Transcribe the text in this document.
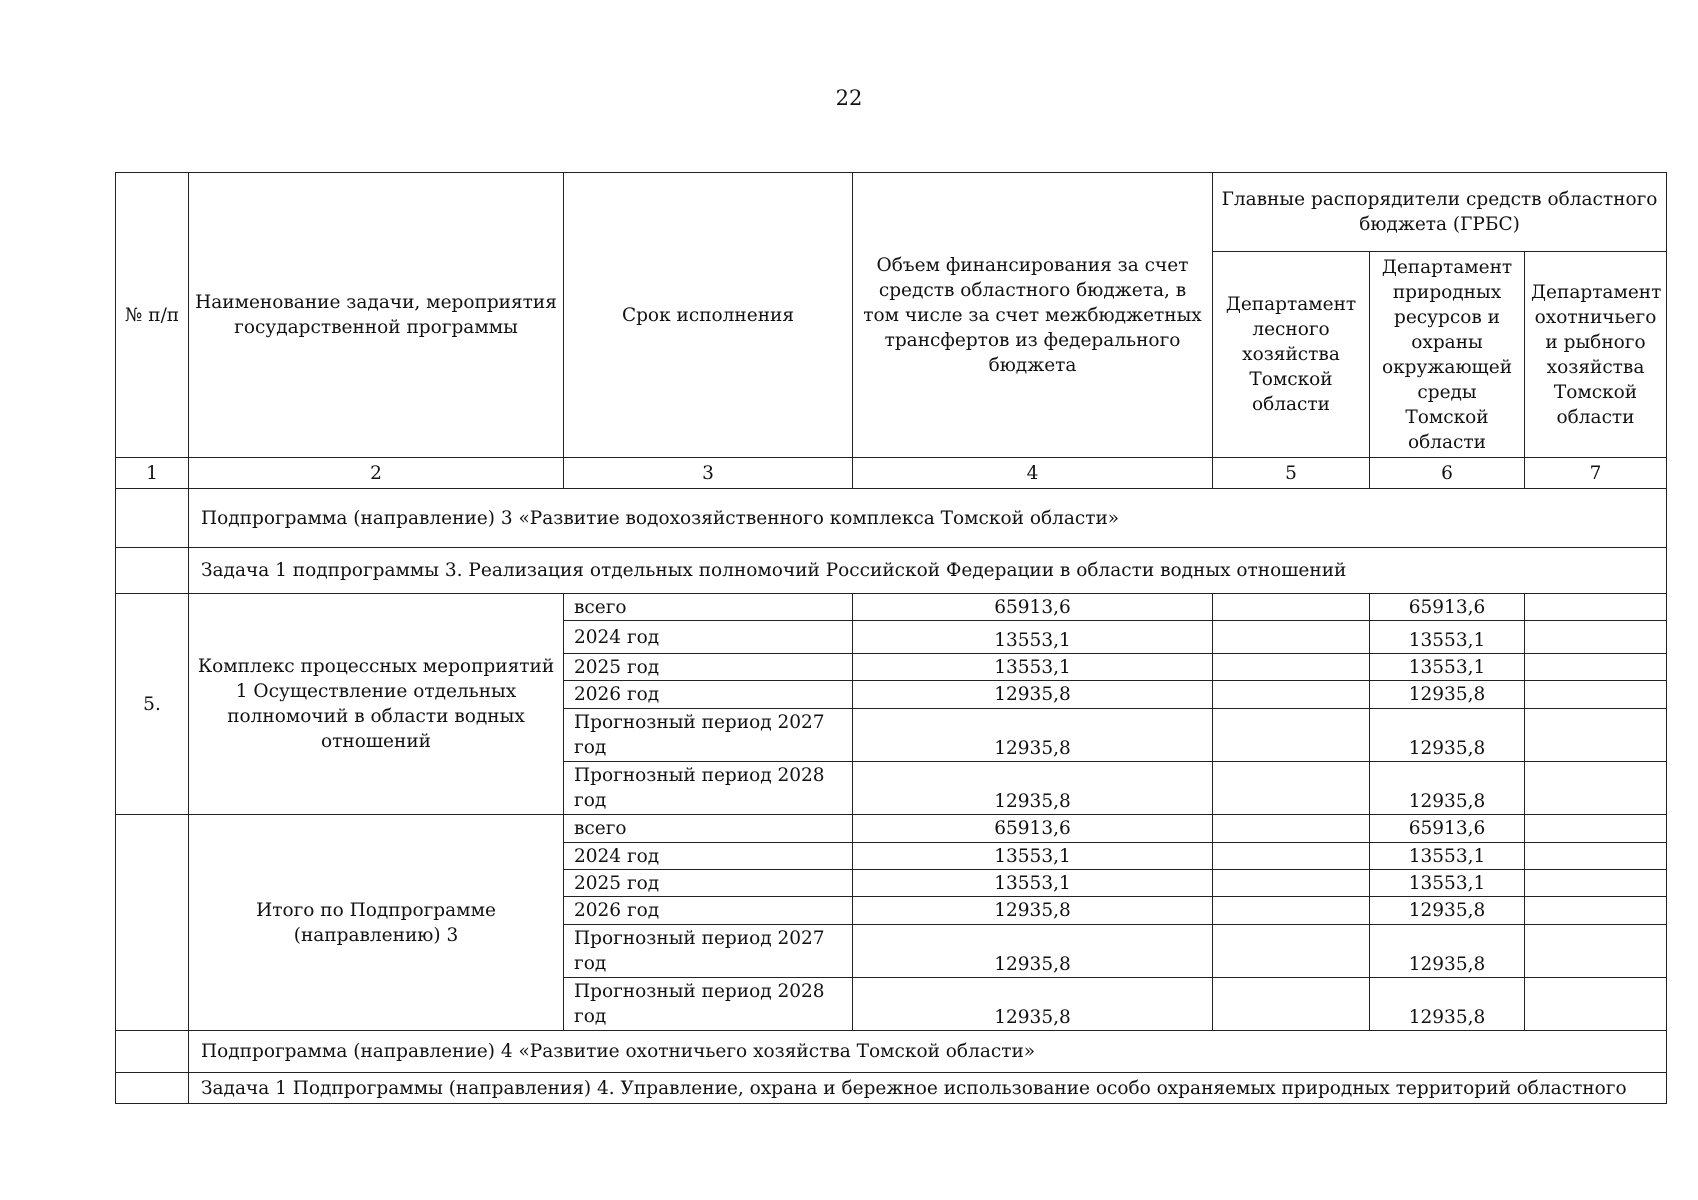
22
№ п/п	Наименование задачи, мероприятия государственной программы	Срок исполнения	Объем финансирования за счет средств областного бюджета, в том числе за счет межбюджетных трансфертов из федерального бюджета	Главные распорядители средств областного бюджета (ГРБС)		
				Департамент лесного хозяйства Томской области	Департамент природных ресурсов и охраны окружающей среды Томской области	Департамент охотничьего и рыбного хозяйства Томской области
1	2	3	4	5	6	7
	Подпрограмма (направление) 3 «Развитие водохозяйственного комплекса Томской области»					
	Задача 1 подпрограммы 3. Реализация отдельных полномочий Российской Федерации в области водных отношений					
5.	Комплекс процессных мероприятий 1 Осуществление отдельных полномочий в области водных отношений	всего	65913,6		65913,6	
		2024 год	13553,1		13553,1	
		2025 год	13553,1		13553,1	
		2026 год	12935,8		12935,8	
		Прогнозный период 2027 год	12935,8		12935,8	
		Прогнозный период 2028 год	12935,8		12935,8	
	Итого по Подпрограмме (направлению) 3	всего	65913,6		65913,6	
		2024 год	13553,1		13553,1	
		2025 год	13553,1		13553,1	
		2026 год	12935,8		12935,8	
		Прогнозный период 2027 год	12935,8		12935,8	
		Прогнозный период 2028 год	12935,8		12935,8	
	Подпрограмма (направление) 4 «Развитие охотничьего хозяйства Томской области»					
	Задача 1 Подпрограммы (направления) 4. Управление, охрана и бережное использование особо охраняемых природных территорий областного					
